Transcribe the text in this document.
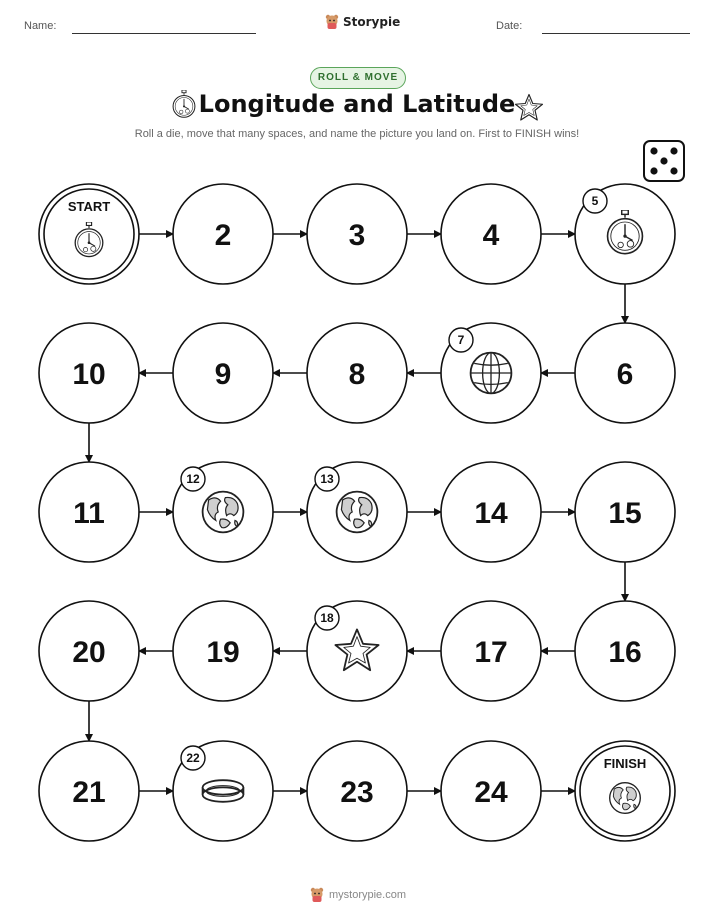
Name:	Storypie	Date:
ROLL & MOVE
Longitude and Latitude
Roll a die, move that many spaces, and name the picture you land on. First to FINISH wins!
START
2	3	4
5
6
7
8
9
10
11
12	13
14	15
16
17
18
19
20
21
22
23	24
FINISH
mystorypie.com
